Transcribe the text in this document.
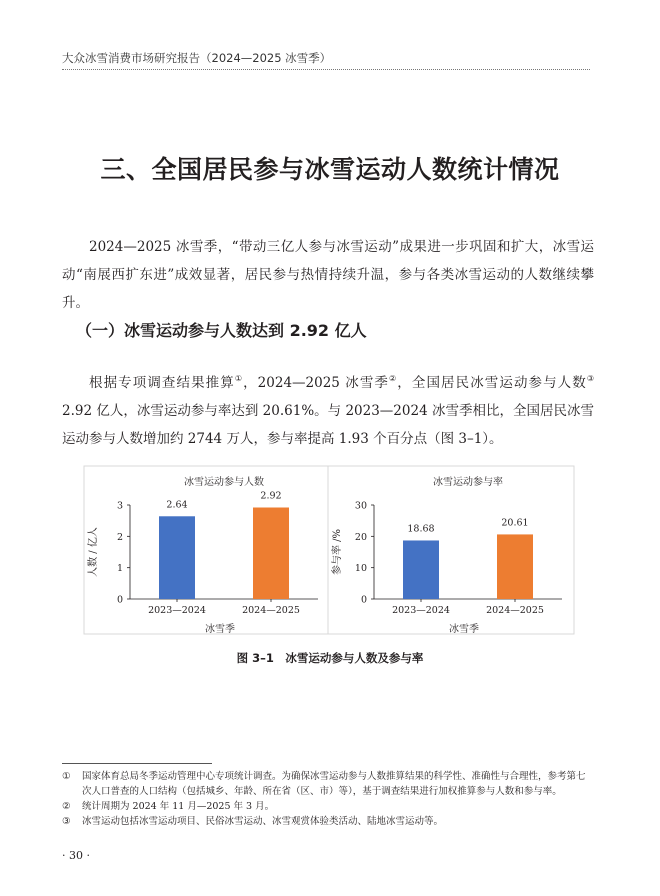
大众冰雪消费市场研究报告（2024—2025 冰雪季）
三、全国居民参与冰雪运动人数统计情况

2024—2025 冰雪季，“带动三亿人参与冰雪运动”成果进一步巩固和扩大，冰雪运动“南展西扩东进”成效显著，居民参与热情持续升温，参与各类冰雪运动的人数继续攀升。

（一）冰雪运动参与人数达到 2.92 亿人

根据专项调查结果推算①，2024—2025 冰雪季②，全国居民冰雪运动参与人数③ 2.92 亿人，冰雪运动参与率达到 20.61%。与 2023—2024 冰雪季相比，全国居民冰雪运动参与人数增加约 2744 万人，参与率提高 1.93 个百分点（图 3–1）。

冰雪运动参与人数
0
1
2
3
人数 / 亿人
2.64
2023—2024
2.92
2024—2025
冰雪季
冰雪运动参与率
0
10
20
30
参与率 /%	18.68
2023—2024
20.61
2024—2025
冰雪季
图 3–1　冰雪运动参与人数及参与率
①	国家体育总局冬季运动管理中心专项统计调查。为确保冰雪运动参与人数推算结果的科学性、准确性与合理性，参考第七次人口普查的人口结构（包括城乡、年龄、所在省（区、市）等），基于调查结果进行加权推算参与人数和参与率。
②	统计周期为 2024 年 11 月—2025 年 3 月。
③	冰雪运动包括冰雪运动项目、民俗冰雪运动、冰雪观赏体验类活动、陆地冰雪运动等。
· 30 ·
